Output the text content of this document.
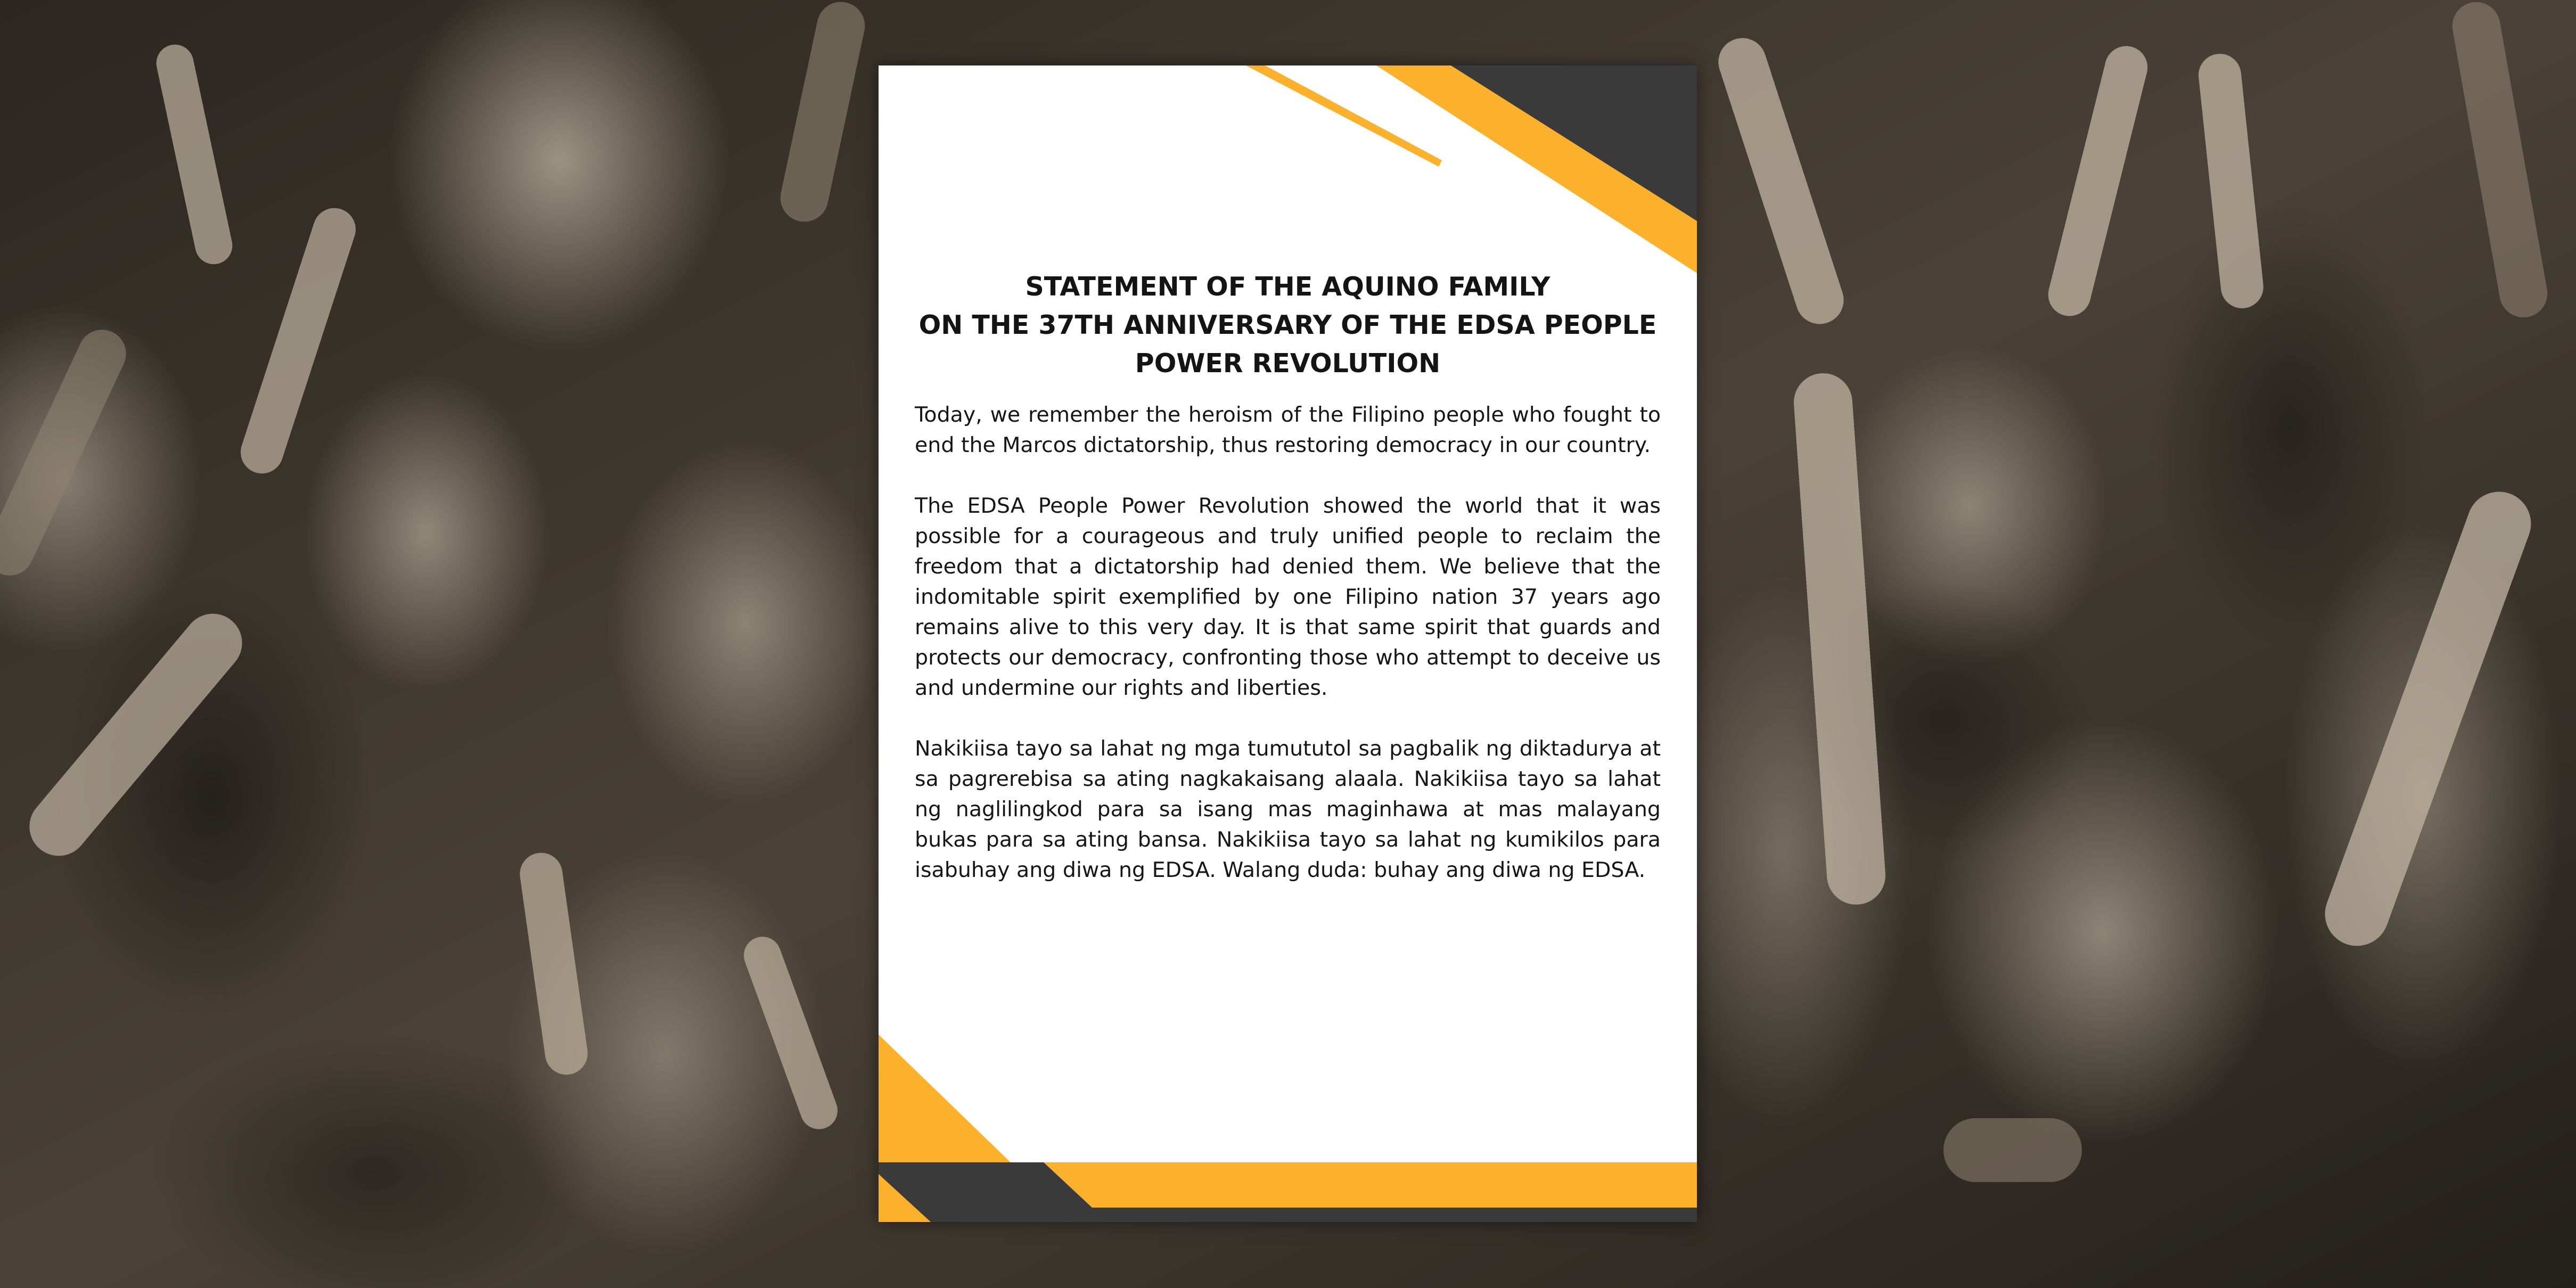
STATEMENT OF THE AQUINO FAMILY
ON THE 37TH ANNIVERSARY OF THE EDSA PEOPLE
POWER REVOLUTION

Today, we remember the heroism of the Filipino people who fought to end the Marcos dictatorship, thus restoring democracy in our country.

The EDSA People Power Revolution showed the world that it was possible for a courageous and truly unified people to reclaim the freedom that a dictatorship had denied them. We believe that the indomitable spirit exemplified by one Filipino nation 37 years ago remains alive to this very day. It is that same spirit that guards and protects our democracy, confronting those who attempt to deceive us and undermine our rights and liberties.

Nakikiisa tayo sa lahat ng mga tumututol sa pagbalik ng diktadurya at sa pagrerebisa sa ating nagkakaisang alaala. Nakikiisa tayo sa lahat ng naglilingkod para sa isang mas maginhawa at mas malayang bukas para sa ating bansa. Nakikiisa tayo sa lahat ng kumikilos para isabuhay ang diwa ng EDSA. Walang duda: buhay ang diwa ng EDSA.
